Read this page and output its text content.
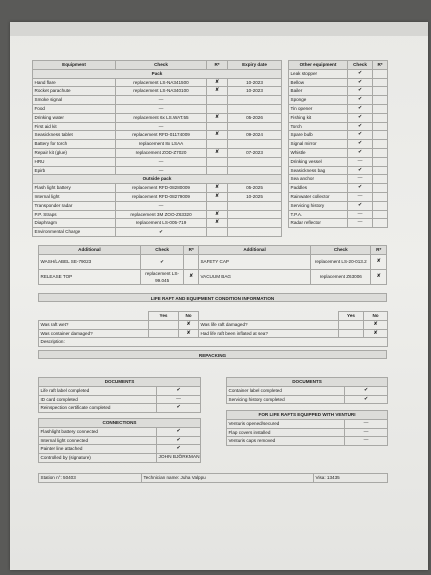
Equipment	Check	R*	Expiry date
Pack			
Hand flare	replacement LS-NA341500	✘	10-2023
Rocket parachute	replacement LS-NA340100	✘	10-2023
Smoke signal	—		
Food	—		
Drinking water	replacement 6x LS.WAT.55	✘	05-2026
First aid kit	—		
Seasickness tablet	replacement RFD-01174009	✘	09-2024
Battery for torch	replacement 8x LSAA		
Repair kit (glue)	replacement ZOD-Z7020	✘	07-2023
HRU	—		
Epirb	—		
Outside pack			
Flash light battery	replacement RFD-08280009	✘	05-2025
Internal light	replacement RFD-08279009	✘	10-2025
Transponder radar	—		
P.P. Straps	replacement 3M ZOO-Z63320	✘	
Diaphragm	replacement LS-005-719	✘	
Environmental Charge	✔		
Other equipment	Check	R*
Leak stopper	✔	
Bellow	✔	
Bailer	✔	
Sponge	✔	
Tin opener	✔	
Fishing kit	✔	
Torch	✔	
Spare bulb	✔	
Signal mirror	✔	
Whistle	✔	
Drinking vessel	—	
Seasickness bag	✔	
Sea anchor	—	
Paddles	✔	
Rainwater collector	—	
Servicing history	✔	
T.P.A.	—	
Radar reflector	—	
Additional	Check	R*	Additional	Check	R*
WASH/LABEL SE-79023	✔		SAFETY CAP	replacement LS-20-013.2	✘
RELEASE TOP	replacement LS-99.045	✘	VACUUM BAG	replacement Z63006	✘
LIFE RAFT AND EQUIPMENT CONDITION INFORMATION
	Yes	No		Yes	No
Was raft wet?		✘	Was life raft damaged?		✘
Was container damaged?		✘	Had life raft been inflated at sea?		✘
Description:					
REPACKING
DOCUMENTS	
Life raft label completed	✔
ID card completed	—
Reinspection certificate completed	✔
DOCUMENTS	
Container label completed	✔
Servicing history completed	✔
CONNECTIONS	
Flashlight battery connected	✔
Internal light connected	✔
Painter line attached	✔
Controlled by (signature)	JOHN BJÖRKMAN
FOR LIFE RAFTS EQUIPPED WITH VENTURI	
Venturis opened/secured	—
Flap covers installed	—
Venturis caps removed	—
Station n°: 50403	Technician name: Juha Valppu	Visa: 13435
